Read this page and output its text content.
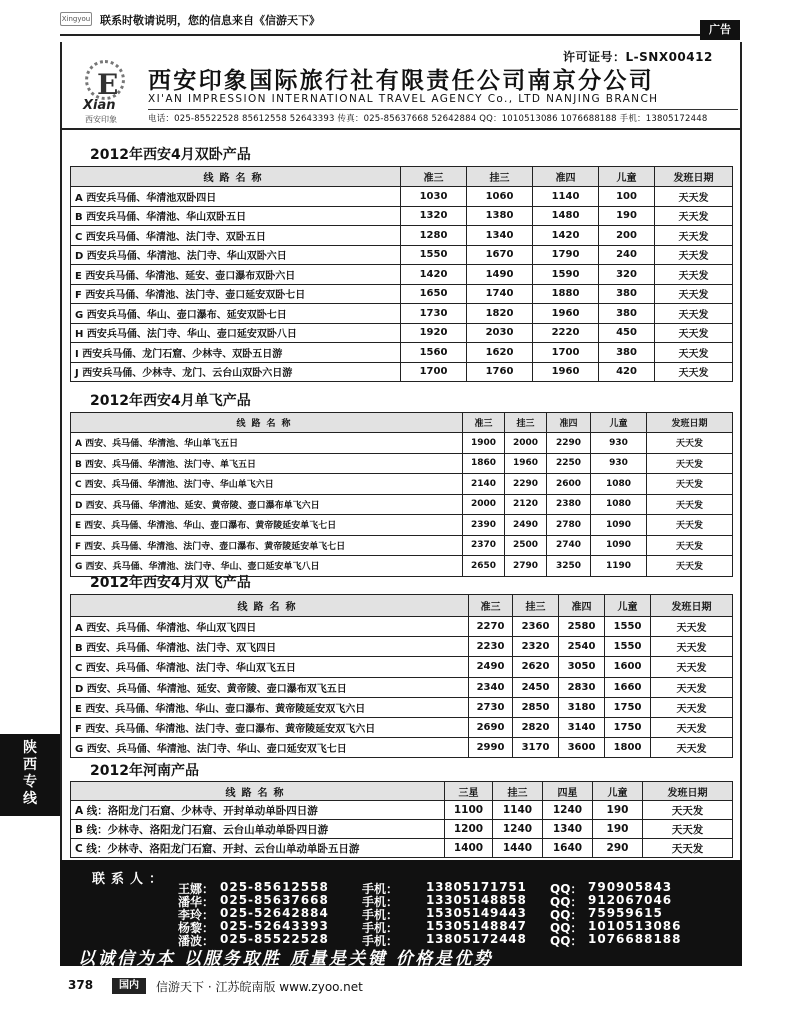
Xingyou 联系时敬请说明，您的信息来自《信游天下》
广告
许可证号：L-SNX00412
E
Xian
西安印象
西安印象国际旅行社有限责任公司南京分公司
XI'AN IMPRESSION INTERNATIONAL TRAVEL AGENCY Co., LTD NANJING BRANCH
电话：025-85522528 85612558 52643393 传真：025-85637668 52642884 QQ：1010513086 1076688188 手机：13805172448
2012年西安4月双卧产品
2012年西安4月单飞产品
2012年西安4月双飞产品
2012年河南产品
线路名称	准三	挂三	准四	儿童	发班日期
A 西安兵马俑、华清池双卧四日	1030	1060	1140	100	天天发
B 西安兵马俑、华清池、华山双卧五日	1320	1380	1480	190	天天发
C 西安兵马俑、华清池、法门寺、双卧五日	1280	1340	1420	200	天天发
D 西安兵马俑、华清池、法门寺、华山双卧六日	1550	1670	1790	240	天天发
E 西安兵马俑、华清池、延安、壶口瀑布双卧六日	1420	1490	1590	320	天天发
F 西安兵马俑、华清池、法门寺、壶口延安双卧七日	1650	1740	1880	380	天天发
G 西安兵马俑、华山、壶口瀑布、延安双卧七日	1730	1820	1960	380	天天发
H 西安兵马俑、法门寺、华山、壶口延安双卧八日	1920	2030	2220	450	天天发
I 西安兵马俑、龙门石窟、少林寺、双卧五日游	1560	1620	1700	380	天天发
J 西安兵马俑、少林寺、龙门、云台山双卧六日游	1700	1760	1960	420	天天发
线路名称	准三	挂三	准四	儿童	发班日期
A 西安、兵马俑、华清池、华山单飞五日	1900	2000	2290	930	天天发
B 西安、兵马俑、华清池、法门寺、单飞五日	1860	1960	2250	930	天天发
C 西安、兵马俑、华清池、法门寺、华山单飞六日	2140	2290	2600	1080	天天发
D 西安、兵马俑、华清池、延安、黄帝陵、壶口瀑布单飞六日	2000	2120	2380	1080	天天发
E 西安、兵马俑、华清池、华山、壶口瀑布、黄帝陵延安单飞七日	2390	2490	2780	1090	天天发
F 西安、兵马俑、华清池、法门寺、壶口瀑布、黄帝陵延安单飞七日	2370	2500	2740	1090	天天发
G 西安、兵马俑、华清池、法门寺、华山、壶口延安单飞八日	2650	2790	3250	1190	天天发
线路名称	准三	挂三	准四	儿童	发班日期
A 西安、兵马俑、华清池、华山双飞四日	2270	2360	2580	1550	天天发
B 西安、兵马俑、华清池、法门寺、双飞四日	2230	2320	2540	1550	天天发
C 西安、兵马俑、华清池、法门寺、华山双飞五日	2490	2620	3050	1600	天天发
D 西安、兵马俑、华清池、延安、黄帝陵、壶口瀑布双飞五日	2340	2450	2830	1660	天天发
E 西安、兵马俑、华清池、华山、壶口瀑布、黄帝陵延安双飞六日	2730	2850	3180	1750	天天发
F 西安、兵马俑、华清池、法门寺、壶口瀑布、黄帝陵延安双飞六日	2690	2820	3140	1750	天天发
G 西安、兵马俑、华清池、法门寺、华山、壶口延安双飞七日	2990	3170	3600	1800	天天发
线路名称	三星	挂三	四星	儿童	发班日期
A 线：洛阳龙门石窟、少林寺、开封单动单卧四日游	1100	1140	1240	190	天天发
B 线：少林寺、洛阳龙门石窟、云台山单动单卧四日游	1200	1240	1340	190	天天发
C 线：少林寺、洛阳龙门石窟、开封、云台山单动单卧五日游	1400	1440	1640	290	天天发
陕
西
专
线
联系人：
王娜： 025-85612558	手机： 13805171751 QQ： 790905843
潘华： 025-85637668	手机： 13305148858 QQ： 912067046
李玲： 025-52642884	手机： 15305149443 QQ： 75959615
杨黎： 025-52643393	手机： 15305148847 QQ： 1010513086
潘波： 025-85522528	手机： 13805172448 QQ： 1076688188
以诚信为本 以服务取胜 质量是关键 价格是优势
378	国内	信游天下 · 江苏皖南版 www.zyoo.net
